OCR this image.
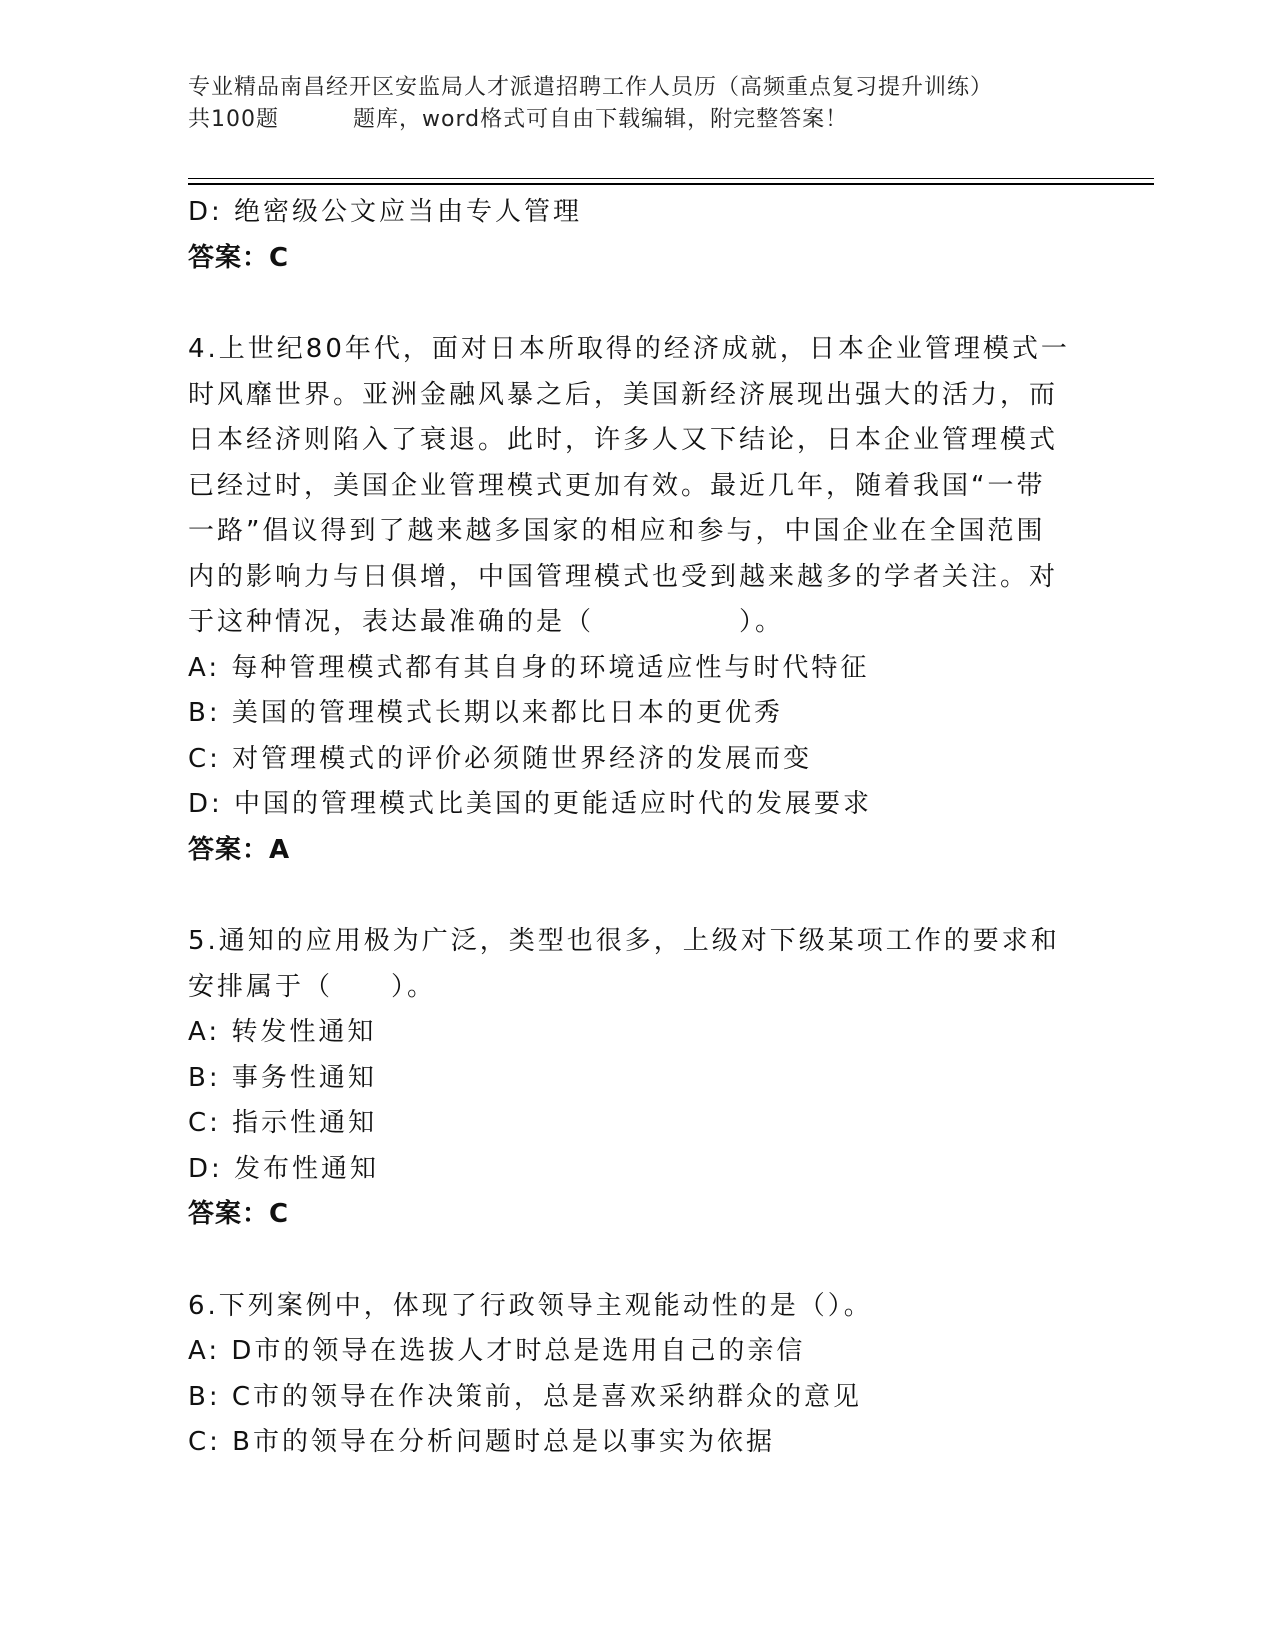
专业精品南昌经开区安监局人才派遣招聘工作人员历（高频重点复习提升训练）
共100题	题库，word格式可自由下载编辑，附完整答案！
D: 绝密级公文应当由专人管理
答案：C
4.上世纪80年代，面对日本所取得的经济成就，日本企业管理模式一
时风靡世界。亚洲金融风暴之后，美国新经济展现出强大的活力，而
日本经济则陷入了衰退。此时，许多人又下结论，日本企业管理模式
已经过时，美国企业管理模式更加有效。最近几年，随着我国“一带
一路”倡议得到了越来越多国家的相应和参与，中国企业在全国范围
内的影响力与日俱增，中国管理模式也受到越来越多的学者关注。对
于这种情况，表达最准确的是（　　　　　）。
A: 每种管理模式都有其自身的环境适应性与时代特征
B: 美国的管理模式长期以来都比日本的更优秀
C: 对管理模式的评价必须随世界经济的发展而变
D: 中国的管理模式比美国的更能适应时代的发展要求
答案：A
5.通知的应用极为广泛，类型也很多，上级对下级某项工作的要求和
安排属于（　　）。
A: 转发性通知
B: 事务性通知
C: 指示性通知
D: 发布性通知
答案：C
6.下列案例中，体现了行政领导主观能动性的是（）。
A: D市的领导在选拔人才时总是选用自己的亲信
B: C市的领导在作决策前，总是喜欢采纳群众的意见
C: B市的领导在分析问题时总是以事实为依据
